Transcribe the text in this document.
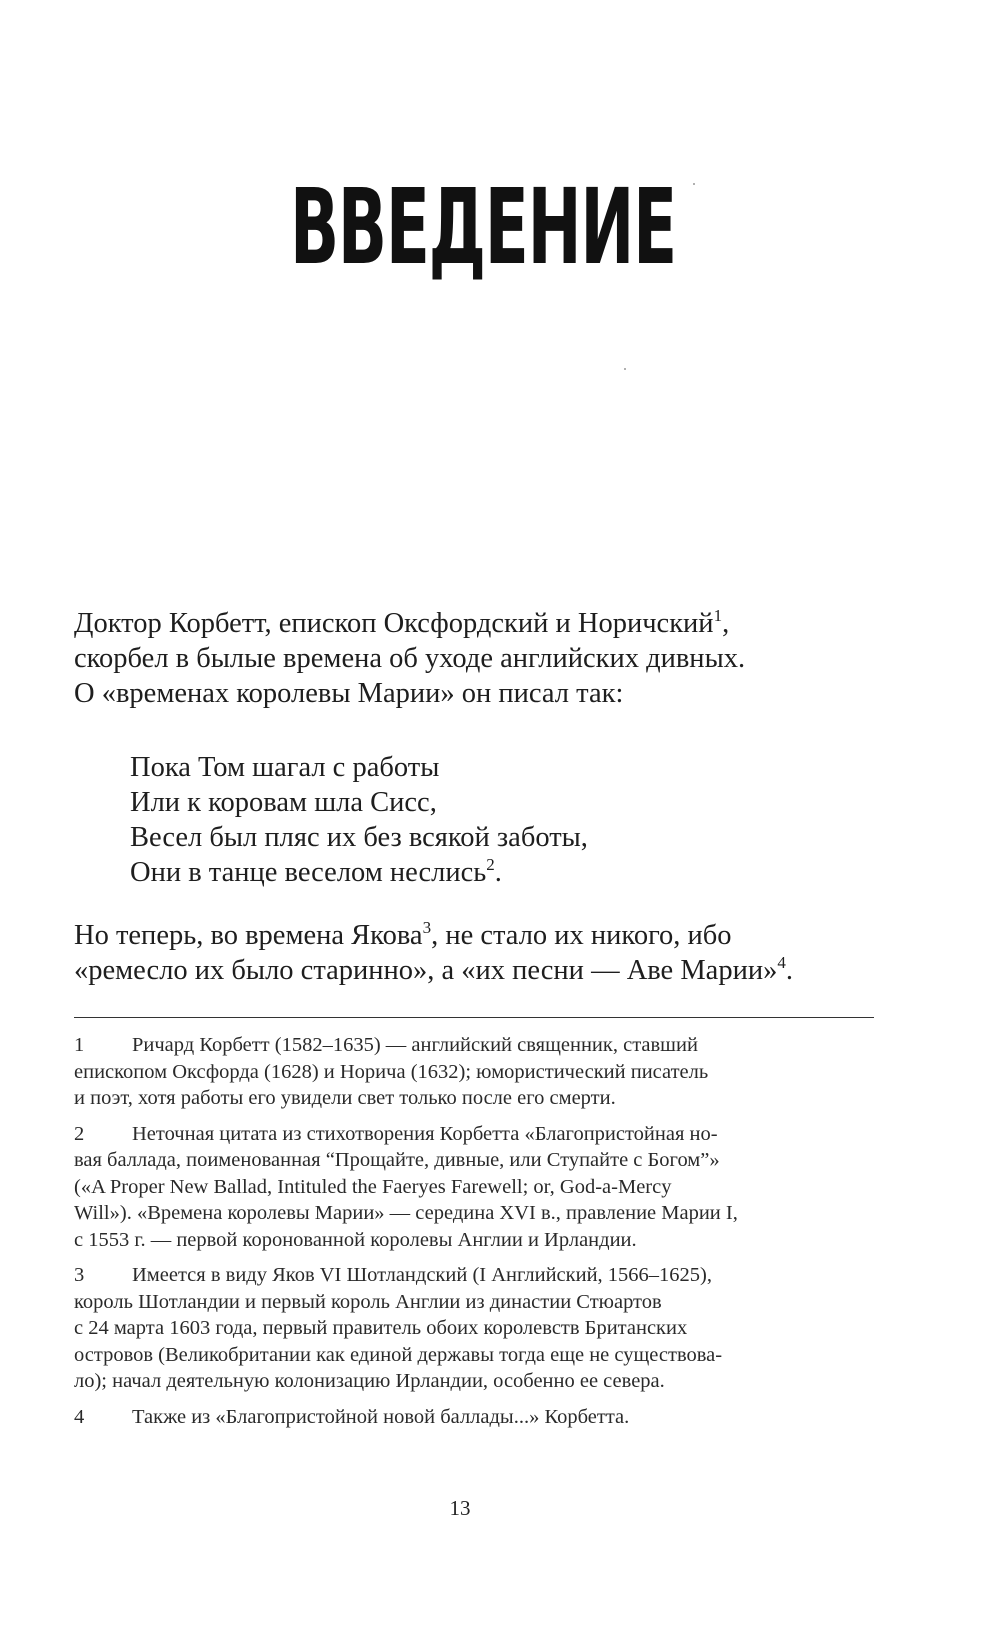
ВВЕДЕНИЕ
Доктор Корбетт, епископ Оксфордский и Норичский$^1$,
скорбел в былые времена об уходе английских дивных.
О «временах королевы Марии» он писал так:
Пока Том шагал с работы
Или к коровам шла Сисс,
Весел был пляс их без всякой заботы,
Они в танце веселом неслись$^2$.
Но теперь, во времена Якова$^3$, не стало их никого, ибо
«ремесло их было старинно», а «их песни — Аве Марии»$^4$.
1	Ричард Корбетт (1582–1635) — английский священник, ставший
епископом Оксфорда (1628) и Норича (1632); юмористический писатель
и поэт, хотя работы его увидели свет только после его смерти.
2	Неточная цитата из стихотворения Корбетта «Благопристойная но-
вая баллада, поименованная “Прощайте, дивные, или Ступайте с Богом”»
(«A Proper New Ballad, Intituled the Faeryes Farewell; or, God-a-Mercy
Will»). «Времена королевы Марии» — середина XVI в., правление Марии I,
с 1553 г. — первой коронованной королевы Англии и Ирландии.
3	Имеется в виду Яков VI Шотландский (I Английский, 1566–1625),
король Шотландии и первый король Англии из династии Стюартов
с 24 марта 1603 года, первый правитель обоих королевств Британских
островов (Великобритании как единой державы тогда еще не существова-
ло); начал деятельную колонизацию Ирландии, особенно ее севера.
4	Также из «Благопристойной новой баллады...» Корбетта.
13
